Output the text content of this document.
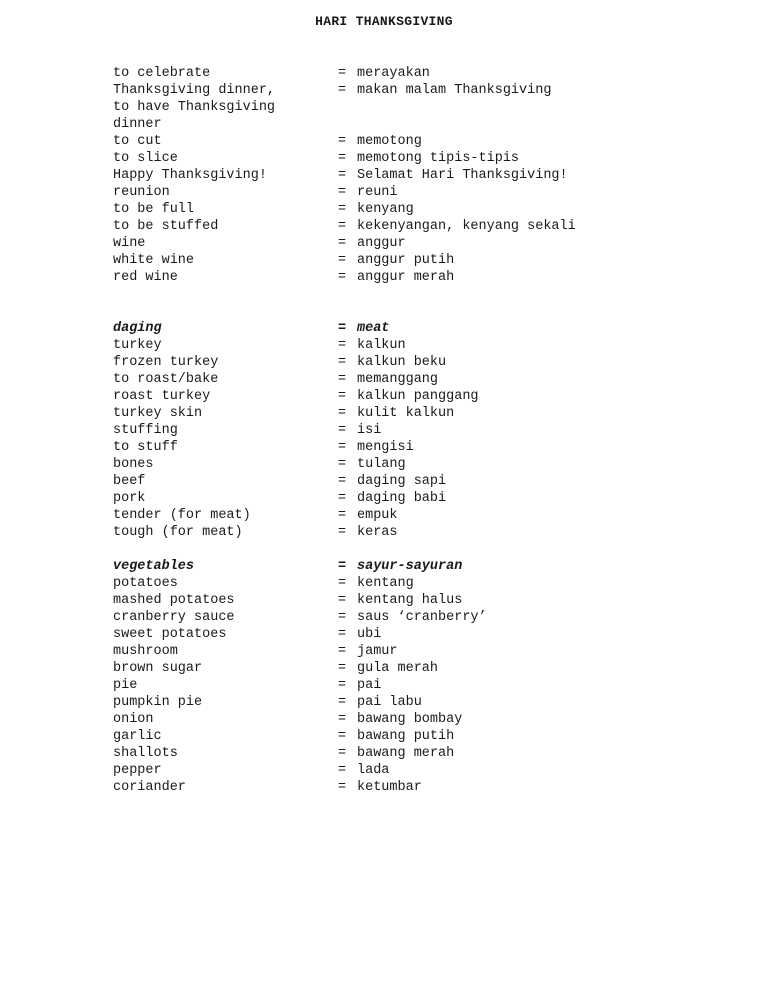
HARI THANKSGIVING
to celebrate	= merayakan
Thanksgiving dinner,	= makan malam Thanksgiving
to have Thanksgiving
dinner
to cut	= memotong
to slice	= memotong tipis-tipis
Happy Thanksgiving!	= Selamat Hari Thanksgiving!
reunion	= reuni
to be full	= kenyang
to be stuffed	= kekenyangan, kenyang sekali
wine	= anggur
white wine	= anggur putih
red wine	= anggur merah
daging	= meat
turkey	= kalkun
frozen turkey	= kalkun beku
to roast/bake	= memanggang
roast turkey	= kalkun panggang
turkey skin	= kulit kalkun
stuffing	= isi
to stuff	= mengisi
bones	= tulang
beef	= daging sapi
pork	= daging babi
tender (for meat)	= empuk
tough (for meat)	= keras
vegetables	= sayur-sayuran
potatoes	= kentang
mashed potatoes	= kentang halus
cranberry sauce	= saus ‘cranberry’
sweet potatoes	= ubi
mushroom	= jamur
brown sugar	= gula merah
pie	= pai
pumpkin pie	= pai labu
onion	= bawang bombay
garlic	= bawang putih
shallots	= bawang merah
pepper	= lada
coriander	= ketumbar
